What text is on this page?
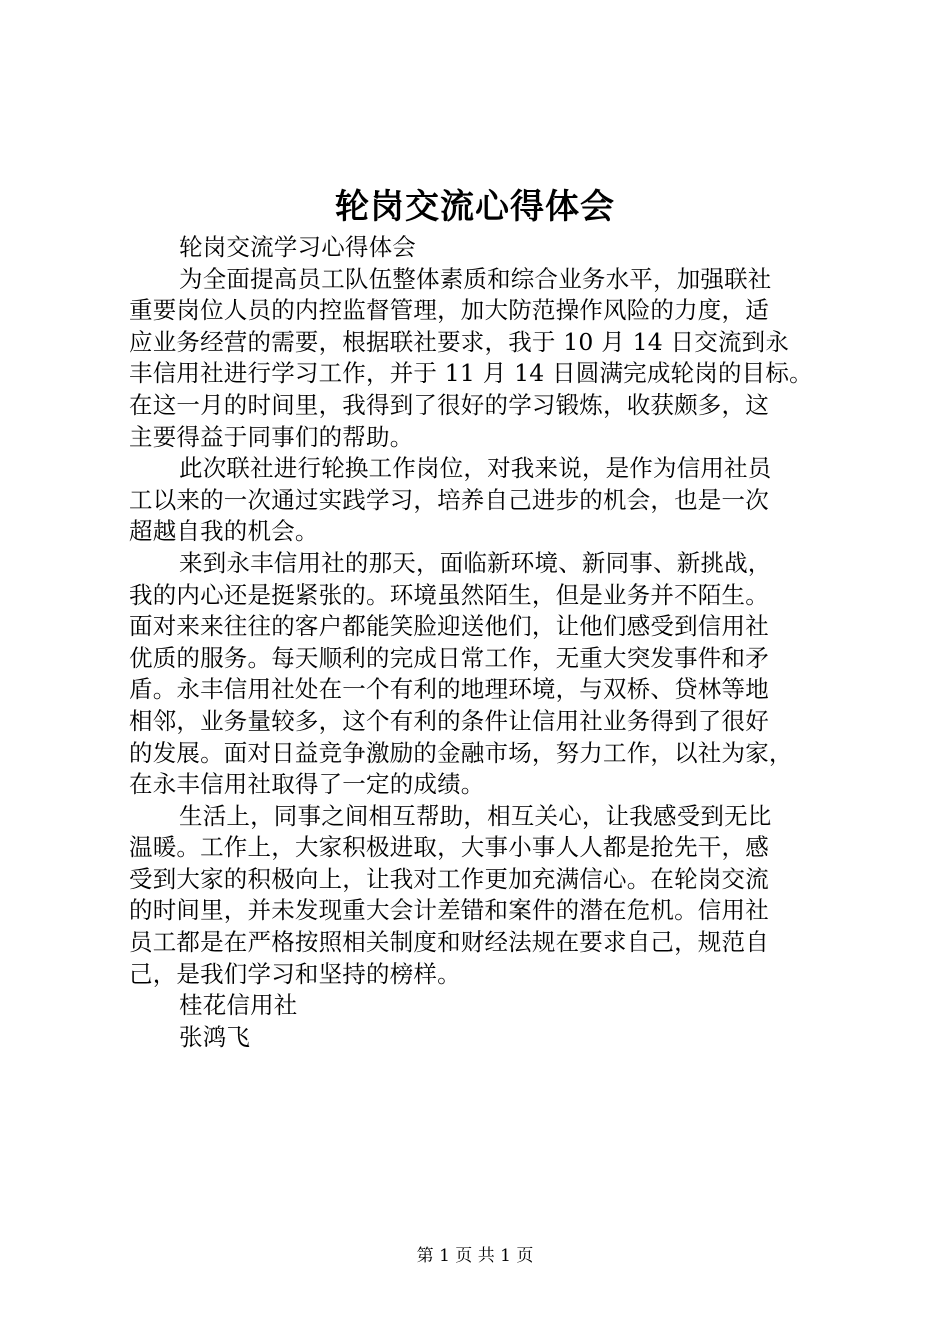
轮岗交流心得体会
轮岗交流学习心得体会
为全面提高员工队伍整体素质和综合业务水平，加强联社
重要岗位人员的内控监督管理，加大防范操作风险的力度，适
应业务经营的需要，根据联社要求，我于 10 月 14 日交流到永
丰信用社进行学习工作，并于 11 月 14 日圆满完成轮岗的目标。
在这一月的时间里，我得到了很好的学习锻炼，收获颇多，这
主要得益于同事们的帮助。
此次联社进行轮换工作岗位，对我来说，是作为信用社员
工以来的一次通过实践学习，培养自己进步的机会，也是一次
超越自我的机会。
来到永丰信用社的那天，面临新环境、新同事、新挑战，
我的内心还是挺紧张的。环境虽然陌生，但是业务并不陌生。
面对来来往往的客户都能笑脸迎送他们，让他们感受到信用社
优质的服务。每天顺利的完成日常工作，无重大突发事件和矛
盾。永丰信用社处在一个有利的地理环境，与双桥、贷林等地
相邻，业务量较多，这个有利的条件让信用社业务得到了很好
的发展。面对日益竞争激励的金融市场，努力工作，以社为家，
在永丰信用社取得了一定的成绩。
生活上，同事之间相互帮助，相互关心，让我感受到无比
温暖。工作上，大家积极进取，大事小事人人都是抢先干，感
受到大家的积极向上，让我对工作更加充满信心。在轮岗交流
的时间里，并未发现重大会计差错和案件的潜在危机。信用社
员工都是在严格按照相关制度和财经法规在要求自己，规范自
己，是我们学习和坚持的榜样。
桂花信用社
张鸿飞
第 1 页 共 1 页
